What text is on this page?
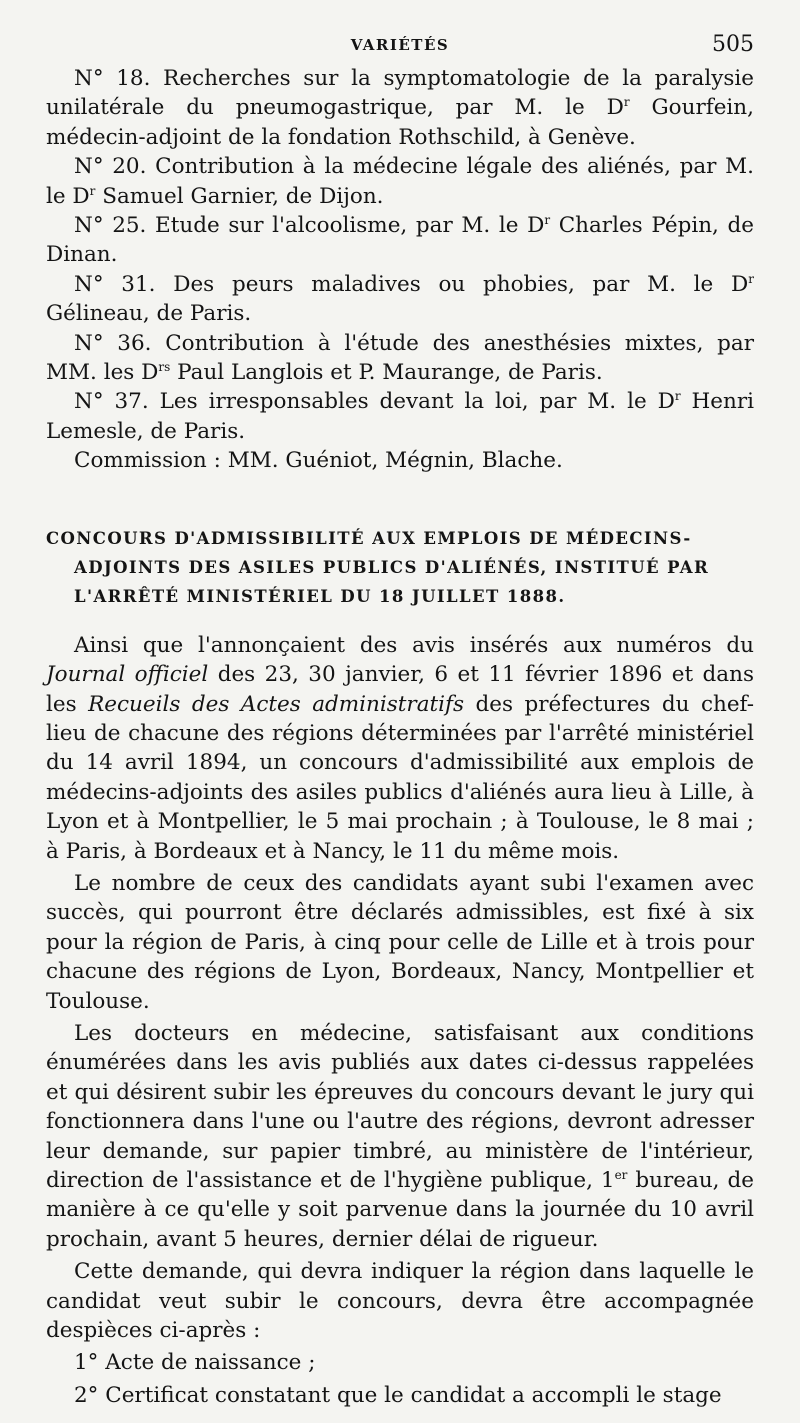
VARIÉTÉS	505

N° 18. Recherches sur la symptomatologie de la paralysie unilatérale du pneumogastrique, par M. le $D^r$ Gourfein, médecin-adjoint de la fondation Rothschild, à Genève.

N° 20. Contribution à la médecine légale des aliénés, par M. le $D^r$ Samuel Garnier, de Dijon.

N° 25. Etude sur l'alcoolisme, par M. le $D^r$ Charles Pépin, de Dinan.

N° 31. Des peurs maladives ou phobies, par M. le $D^r$ Gélineau, de Paris.

N° 36. Contribution à l'étude des anesthésies mixtes, par MM. les $D^{rs}$ Paul Langlois et P. Maurange, de Paris.

N° 37. Les irresponsables devant la loi, par M. le $D^r$ Henri Lemesle, de Paris.

Commission : MM. Guéniot, Mégnin, Blache.

CONCOURS D'ADMISSIBILITÉ AUX EMPLOIS DE MÉDECINS-
ADJOINTS DES ASILES PUBLICS D'ALIÉNÉS, INSTITUÉ PAR
L'ARRÊTÉ MINISTÉRIEL DU 18 JUILLET 1888.

Ainsi que l'annonçaient des avis insérés aux numéros du Journal officiel des 23, 30 janvier, 6 et 11 février 1896 et dans les Recueils des Actes administratifs des préfectures du chef-lieu de chacune des régions déterminées par l'arrêté ministériel du 14 avril 1894, un concours d'admissibilité aux emplois de médecins-adjoints des asiles publics d'aliénés aura lieu à Lille, à Lyon et à Montpellier, le 5 mai prochain ; à Toulouse, le 8 mai ; à Paris, à Bordeaux et à Nancy, le 11 du même mois.

Le nombre de ceux des candidats ayant subi l'examen avec succès, qui pourront être déclarés admissibles, est fixé à six pour la région de Paris, à cinq pour celle de Lille et à trois pour chacune des régions de Lyon, Bordeaux, Nancy, Montpellier et Toulouse.

Les docteurs en médecine, satisfaisant aux conditions énumérées dans les avis publiés aux dates ci-dessus rappelées et qui désirent subir les épreuves du concours devant le jury qui fonctionnera dans l'une ou l'autre des régions, devront adresser leur demande, sur papier timbré, au ministère de l'intérieur, direction de l'assistance et de l'hygiène publique, 1er bureau, de manière à ce qu'elle y soit parvenue dans la journée du 10 avril prochain, avant 5 heures, dernier délai de rigueur.

Cette demande, qui devra indiquer la région dans laquelle le candidat veut subir le concours, devra être accompagnée despièces ci-après :

1° Acte de naissance ;

2° Certificat constatant que le candidat a accompli le stage
